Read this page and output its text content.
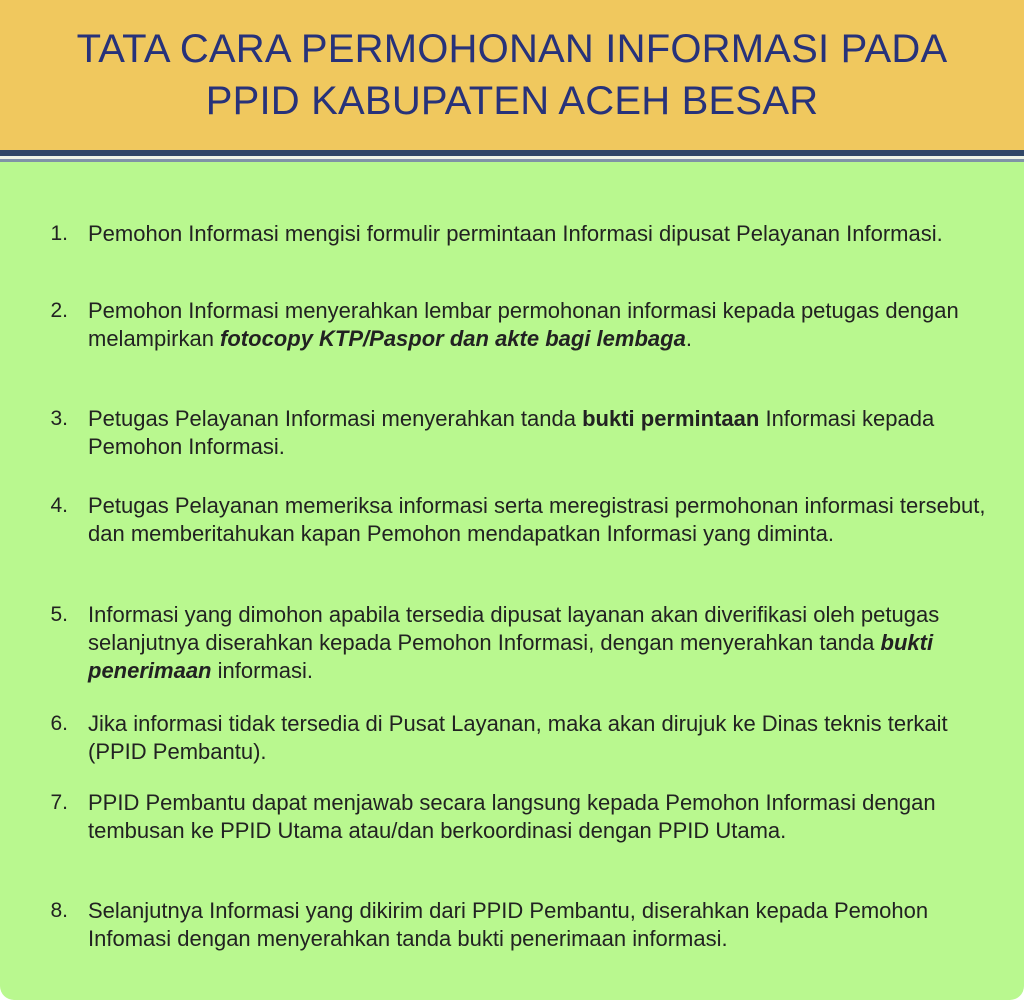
TATA CARA PERMOHONAN INFORMASI PADA
PPID KABUPATEN ACEH BESAR
1. Pemohon Informasi mengisi formulir permintaan Informasi dipusat Pelayanan Informasi.
2. Pemohon Informasi menyerahkan lembar permohonan informasi kepada petugas dengan melampirkan fotocopy KTP/Paspor dan akte bagi lembaga.
3. Petugas Pelayanan Informasi menyerahkan tanda bukti permintaan Informasi kepada Pemohon Informasi.
4. Petugas Pelayanan memeriksa informasi serta meregistrasi permohonan informasi tersebut, dan memberitahukan kapan Pemohon mendapatkan Informasi yang diminta.
5. Informasi yang dimohon apabila tersedia dipusat layanan akan diverifikasi oleh petugas selanjutnya diserahkan kepada Pemohon Informasi, dengan menyerahkan tanda bukti penerimaan informasi.
6. Jika informasi tidak tersedia di Pusat Layanan, maka akan dirujuk ke Dinas teknis terkait (PPID Pembantu).
7. PPID Pembantu dapat menjawab secara langsung kepada Pemohon Informasi dengan tembusan ke PPID Utama atau/dan berkoordinasi dengan PPID Utama.
8. Selanjutnya Informasi yang dikirim dari PPID Pembantu, diserahkan kepada Pemohon Infomasi dengan menyerahkan tanda bukti penerimaan informasi.
